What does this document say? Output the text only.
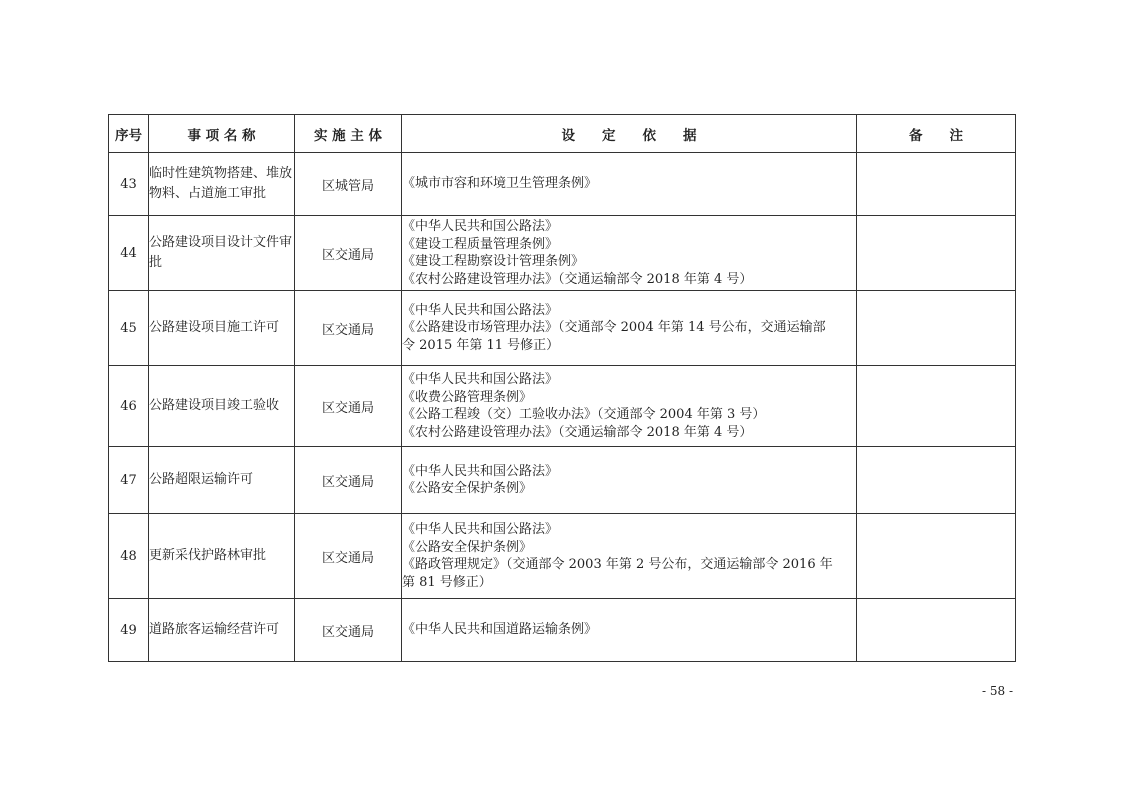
序号	事 项 名 称	实 施 主 体	设　　定　　依　　据	备　　注
43	临时性建筑物搭建、堆放物料、占道施工审批	区城管局	《城市市容和环境卫生管理条例》	

44	公路建设项目设计文件审批	区交通局	《中华人民共和国公路法》
《建设工程质量管理条例》
《建设工程勘察设计管理条例》
《农村公路建设管理办法》（交通运输部令 2018 年第 4 号）	

45	公路建设项目施工许可	区交通局	《中华人民共和国公路法》
《公路建设市场管理办法》（交通部令 2004 年第 14 号公布，交通运输部
令 2015 年第 11 号修正）	

46	公路建设项目竣工验收	区交通局	《中华人民共和国公路法》
《收费公路管理条例》
《公路工程竣（交）工验收办法》（交通部令 2004 年第 3 号）
《农村公路建设管理办法》（交通运输部令 2018 年第 4 号）	

47	公路超限运输许可	区交通局	《中华人民共和国公路法》
《公路安全保护条例》	

48	更新采伐护路林审批	区交通局	《中华人民共和国公路法》
《公路安全保护条例》
《路政管理规定》（交通部令 2003 年第 2 号公布，交通运输部令 2016 年
第 81 号修正）	

49	道路旅客运输经营许可	区交通局	《中华人民共和国道路运输条例》	

- 58 -
